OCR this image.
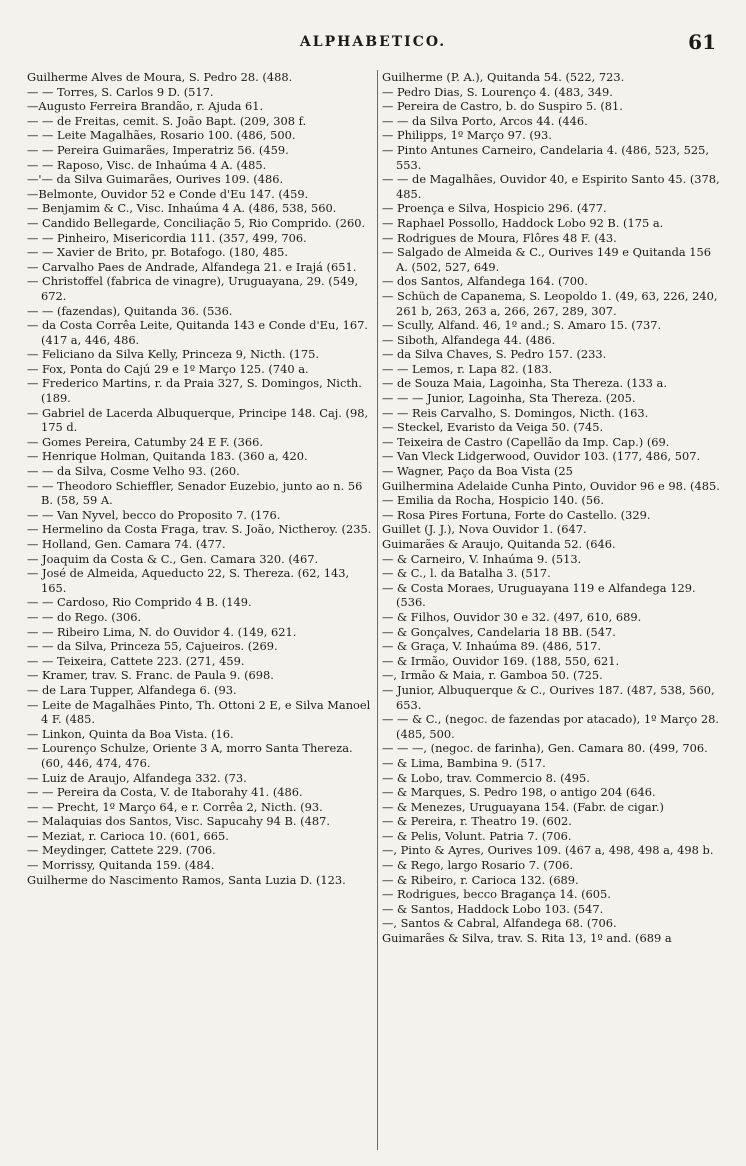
ALPHABETICO.	61

Guilherme Alves de Moura, S. Pedro 28. (488.

— — Torres, S. Carlos 9 D. (517.

—Augusto Ferreira Brandão, r. Ajuda 61.

— — de Freitas, cemit. S. João Bapt. (209, 308 f.

— — Leite Magalhães, Rosario 100. (486, 500.

— — Pereira Guimarães, Imperatriz 56. (459.

— — Raposo, Visc. de Inhaúma 4 A. (485.

—'— da Silva Guimarães, Ourives 109. (486.

—Belmonte, Ouvidor 52 e Conde d'Eu 147. (459.

— Benjamim & C., Visc. Inhaúma 4 A. (486, 538, 560.

— Candido Bellegarde, Conciliação 5, Rio Comprido. (260.

— — Pinheiro, Misericordia 111. (357, 499, 706.

— — Xavier de Brito, pr. Botafogo. (180, 485.

— Carvalho Paes de Andrade, Alfandega 21. e Irajá (651.

— Christoffel (fabrica de vinagre), Uruguayana, 29. (549, 672.

— — (fazendas), Quitanda 36. (536.

— da Costa Corrêa Leite, Quitanda 143 e Conde d'Eu, 167. (417 a, 446, 486.

— Feliciano da Silva Kelly, Princeza 9, Nicth. (175.

— Fox, Ponta do Cajú 29 e 1º Março 125. (740 a.

— Frederico Martins, r. da Praia 327, S. Domingos, Nicth. (189.

— Gabriel de Lacerda Albuquerque, Principe 148. Caj. (98, 175 d.

— Gomes Pereira, Catumby 24 E F. (366.

— Henrique Holman, Quitanda 183. (360 a, 420.

— — da Silva, Cosme Velho 93. (260.

— — Theodoro Schieffler, Senador Euzebio, junto ao n. 56 B. (58, 59 A.

— — Van Nyvel, becco do Proposito 7. (176.

— Hermelino da Costa Fraga, trav. S. João, Nictheroy. (235.

— Holland, Gen. Camara 74. (477.

— Joaquim da Costa & C., Gen. Camara 320. (467.

— José de Almeida, Aqueducto 22, S. Thereza. (62, 143, 165.

— — Cardoso, Rio Comprido 4 B. (149.

— — do Rego. (306.

— — Ribeiro Lima, N. do Ouvidor 4. (149, 621.

— — da Silva, Princeza 55, Cajueiros. (269.

— — Teixeira, Cattete 223. (271, 459.

— Kramer, trav. S. Franc. de Paula 9. (698.

— de Lara Tupper, Alfandega 6. (93.

— Leite de Magalhães Pinto, Th. Ottoni 2 E, e Silva Manoel 4 F. (485.

— Linkon, Quinta da Boa Vista. (16.

— Lourenço Schulze, Oriente 3 A, morro Santa Thereza. (60, 446, 474, 476.

— Luiz de Araujo, Alfandega 332. (73.

— — Pereira da Costa, V. de Itaborahy 41. (486.

— — Precht, 1º Março 64, e r. Corrêa 2, Nicth. (93.

— Malaquias dos Santos, Visc. Sapucahy 94 B. (487.

— Meziat, r. Carioca 10. (601, 665.

— Meydinger, Cattete 229. (706.

— Morrissy, Quitanda 159. (484.

Guilherme do Nascimento Ramos, Santa Luzia D. (123.

Guilherme (P. A.), Quitanda 54. (522, 723.

— Pedro Dias, S. Lourenço 4. (483, 349.

— Pereira de Castro, b. do Suspiro 5. (81.

— — da Silva Porto, Arcos 44. (446.

— Philipps, 1º Março 97. (93.

— Pinto Antunes Carneiro, Candelaria 4. (486, 523, 525, 553.

— — de Magalhães, Ouvidor 40, e Espirito Santo 45. (378, 485.

— Proença e Silva, Hospicio 296. (477.

— Raphael Possollo, Haddock Lobo 92 B. (175 a.

— Rodrigues de Moura, Flôres 48 F. (43.

— Salgado de Almeida & C., Ourives 149 e Quitanda 156 A. (502, 527, 649.

— dos Santos, Alfandega 164. (700.

— Schüch de Capanema, S. Leopoldo 1. (49, 63, 226, 240, 261 b, 263, 263 a, 266, 267, 289, 307.

— Scully, Alfand. 46, 1º and.; S. Amaro 15. (737.

— Siboth, Alfandega 44. (486.

— da Silva Chaves, S. Pedro 157. (233.

— — Lemos, r. Lapa 82. (183.

— de Souza Maia, Lagoinha, Sta Thereza. (133 a.

— — — Junior, Lagoinha, Sta Thereza. (205.

— — Reis Carvalho, S. Domingos, Nicth. (163.

— Steckel, Evaristo da Veiga 50. (745.

— Teixeira de Castro (Capellão da Imp. Cap.) (69.

— Van Vleck Lidgerwood, Ouvidor 103. (177, 486, 507.

— Wagner, Paço da Boa Vista (25

Guilhermina Adelaide Cunha Pinto, Ouvidor 96 e 98. (485.

— Emilia da Rocha, Hospicio 140. (56.

— Rosa Pires Fortuna, Forte do Castello. (329.

Guillet (J. J.), Nova Ouvidor 1. (647.

Guimarães & Araujo, Quitanda 52. (646.

— & Carneiro, V. Inhaúma 9. (513.

— & C., l. da Batalha 3. (517.

— & Costa Moraes, Uruguayana 119 e Alfandega 129. (536.

— & Filhos, Ouvidor 30 e 32. (497, 610, 689.

— & Gonçalves, Candelaria 18 BB. (547.

— & Graça, V. Inhaúma 89. (486, 517.

— & Irmão, Ouvidor 169. (188, 550, 621.

—, Irmão & Maia, r. Gamboa 50. (725.

— Junior, Albuquerque & C., Ourives 187. (487, 538, 560, 653.

— — & C., (negoc. de fazendas por atacado), 1º Março 28. (485, 500.

— — —, (negoc. de farinha), Gen. Camara 80. (499, 706.

— & Lima, Bambina 9. (517.

— & Lobo, trav. Commercio 8. (495.

— & Marques, S. Pedro 198, o antigo 204 (646.

— & Menezes, Uruguayana 154. (Fabr. de cigar.)

— & Pereira, r. Theatro 19. (602.

— & Pelis, Volunt. Patria 7. (706.

—, Pinto & Ayres, Ourives 109. (467 a, 498, 498 a, 498 b.

— & Rego, largo Rosario 7. (706.

— & Ribeiro, r. Carioca 132. (689.

— Rodrigues, becco Bragança 14. (605.

— & Santos, Haddock Lobo 103. (547.

—, Santos & Cabral, Alfandega 68. (706.

Guimarães & Silva, trav. S. Rita 13, 1º and. (689 a
